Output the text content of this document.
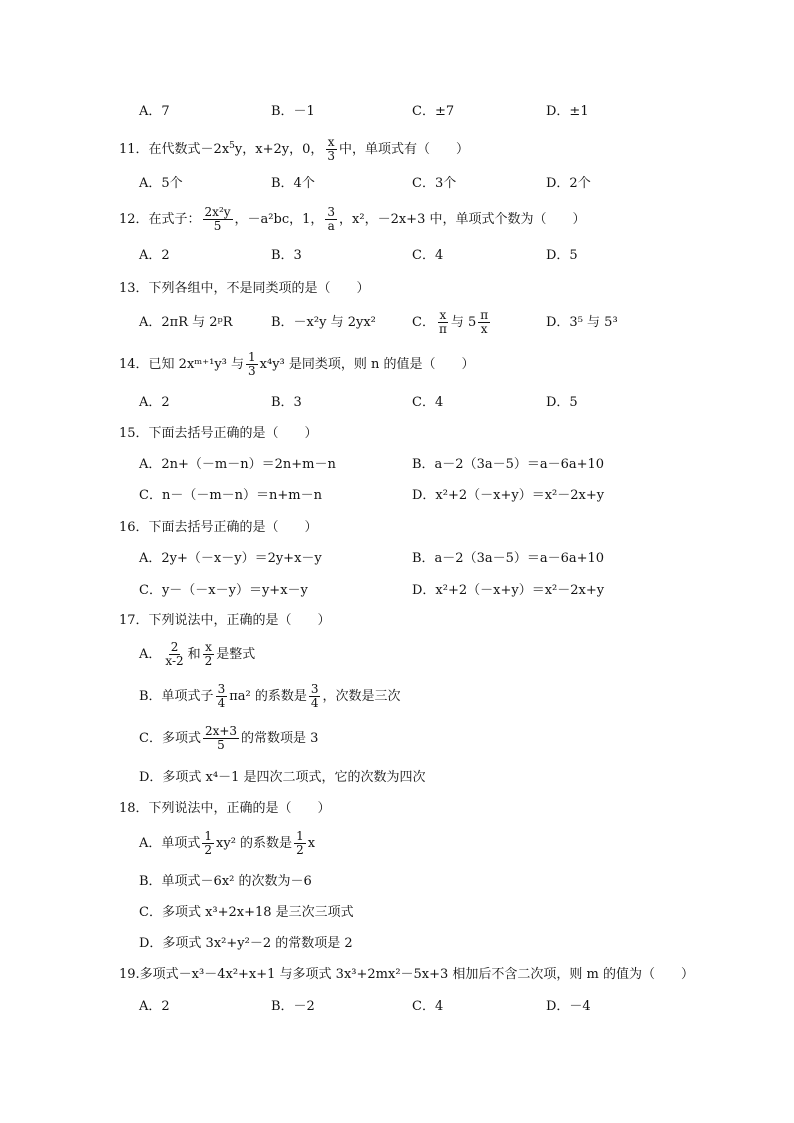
A．7	B．－1	C．±7	D．±1
11．在代数式$-2x^5y$，x+2y，0， $\frac{x}{3}$ 中，单项式有（　　）
A．5个	B．4个	C．3个	D．2个
12．在式子： $\frac{\text{2x²y}}{5}$ ，－a²bc，1， $\frac{3}{a}$ ，x²，－2x+3 中，单项式个数为（　　）
A．2	B．3	C．4	D．5
13．下列各组中，不是同类项的是（　　）
A．2πR 与 2ᵖR	B．－x²y 与 2yx²	C． $\frac{x}{\pi}$ 与 $5 \frac{\pi}{x}$	D．3⁵ 与 5³
14．已知 2xᵐ⁺¹y³ 与 $\frac{1}{3} x^4y^3$ 是同类项，则 n 的值是（　　）
A．2	B．3	C．4	D．5
15．下面去括号正确的是（　　）
A．2n+（－m－n）＝2n+m－n	B．a－2（3a－5）＝a－6a+10
C．n－（－m－n）＝n+m－n	D．x²+2（－x+y）＝x²－2x+y
16．下面去括号正确的是（　　）
A．2y+（－x－y）＝2y+x－y	B．a－2（3a－5）＝a－6a+10
C．y－（－x－y）＝y+x－y	D．x²+2（－x+y）＝x²－2x+y
17．下列说法中，正确的是（　　）
A． $\frac{2}{x-2}$ 和 $\frac{x}{2}$ 是整式
B．单项式子 $\frac{3}{4} \pi a^2$ 的系数是 $\frac{3}{4}$ ，次数是三次
C．多项式 $\frac{2x+3}{5}$ 的常数项是 3
D．多项式 x⁴－1 是四次二项式，它的次数为四次
18．下列说法中，正确的是（　　）
A．单项式 $\frac{1}{2} xy^2$ 的系数是 $\frac{1}{2}$ x
B．单项式－6x² 的次数为－6
C．多项式 x³+2x+18 是三次三项式
D．多项式 3x²+y²－2 的常数项是 2
19.多项式－x³－4x²+x+1 与多项式 3x³+2mx²－5x+3 相加后不含二次项，则 m 的值为（　　）
A．2	B．－2	C．4	D．－4
